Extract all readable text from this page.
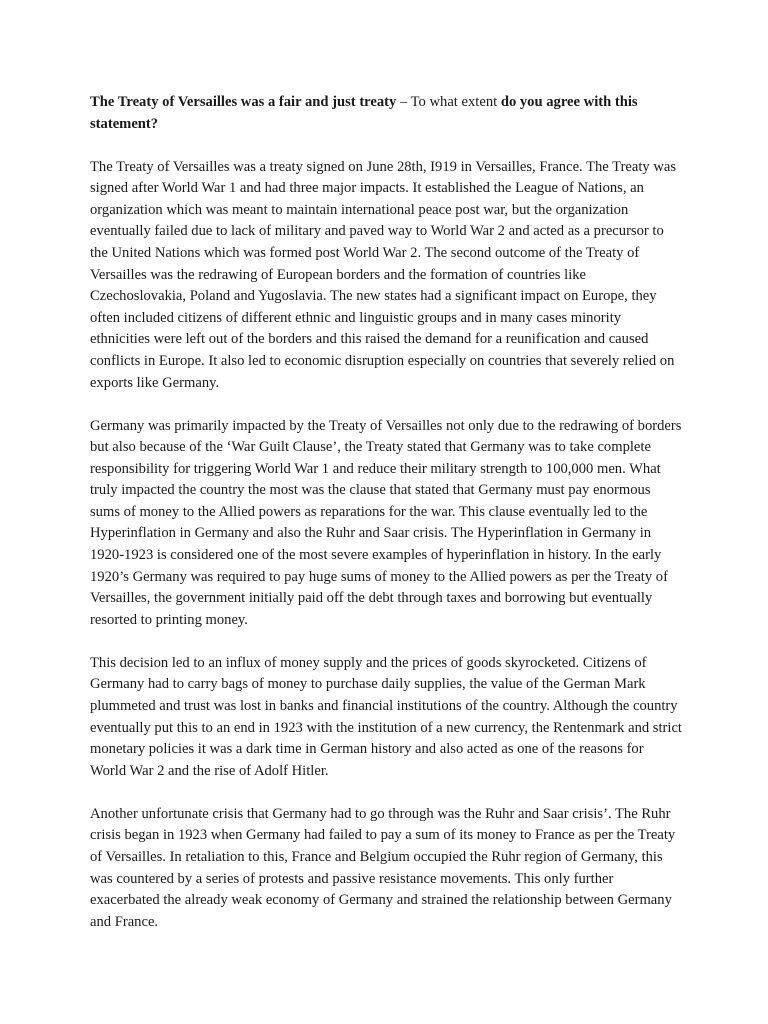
The Treaty of Versailles was a fair and just treaty – To what extent do you agree with this statement?

The Treaty of Versailles was a treaty signed on June 28th, I919 in Versailles, France. The Treaty was signed after World War 1 and had three major impacts. It established the League of Nations, an organization which was meant to maintain international peace post war, but the organization eventually failed due to lack of military and paved way to World War 2 and acted as a precursor to the United Nations which was formed post World War 2. The second outcome of the Treaty of Versailles was the redrawing of European borders and the formation of countries like Czechoslovakia, Poland and Yugoslavia. The new states had a significant impact on Europe, they often included citizens of different ethnic and linguistic groups and in many cases minority ethnicities were left out of the borders and this raised the demand for a reunification and caused conflicts in Europe. It also led to economic disruption especially on countries that severely relied on exports like Germany.

Germany was primarily impacted by the Treaty of Versailles not only due to the redrawing of borders but also because of the ‘War Guilt Clause’, the Treaty stated that Germany was to take complete responsibility for triggering World War 1 and reduce their military strength to 100,000 men. What truly impacted the country the most was the clause that stated that Germany must pay enormous sums of money to the Allied powers as reparations for the war. This clause eventually led to the Hyperinflation in Germany and also the Ruhr and Saar crisis. The Hyperinflation in Germany in 1920-1923 is considered one of the most severe examples of hyperinflation in history. In the early 1920’s Germany was required to pay huge sums of money to the Allied powers as per the Treaty of Versailles, the government initially paid off the debt through taxes and borrowing but eventually resorted to printing money.

This decision led to an influx of money supply and the prices of goods skyrocketed. Citizens of Germany had to carry bags of money to purchase daily supplies, the value of the German Mark plummeted and trust was lost in banks and financial institutions of the country. Although the country eventually put this to an end in 1923 with the institution of a new currency, the Rentenmark and strict monetary policies it was a dark time in German history and also acted as one of the reasons for World War 2 and the rise of Adolf Hitler.

Another unfortunate crisis that Germany had to go through was the Ruhr and Saar crisis’. The Ruhr crisis began in 1923 when Germany had failed to pay a sum of its money to France as per the Treaty of Versailles. In retaliation to this, France and Belgium occupied the Ruhr region of Germany, this was countered by a series of protests and passive resistance movements. This only further exacerbated the already weak economy of Germany and strained the relationship between Germany and France.
